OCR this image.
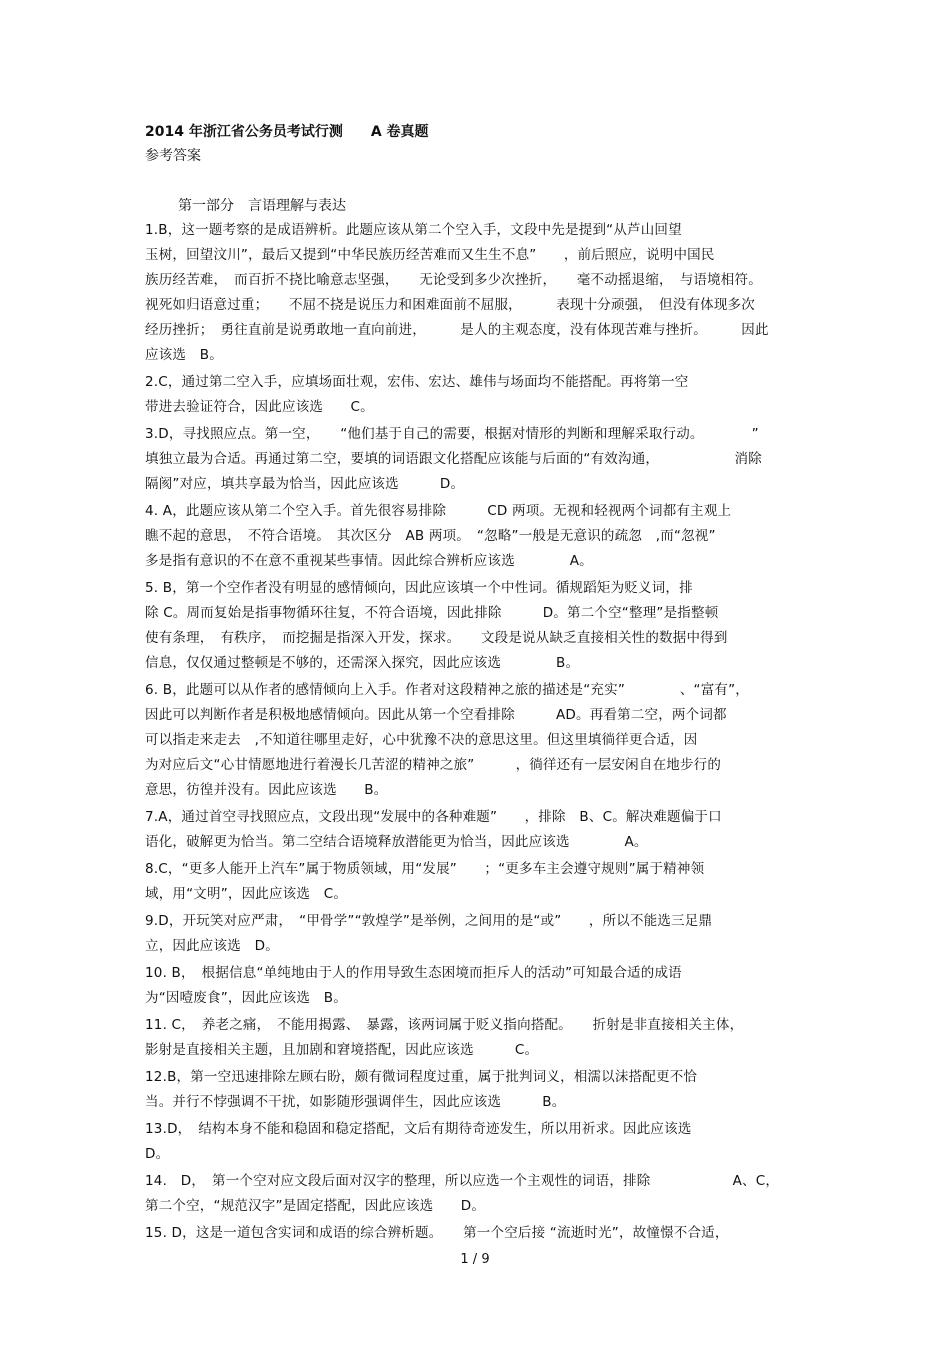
2014 年浙江省公务员考试行测　　A 卷真题
参考答案
第一部分　言语理解与表达
1.B，这一题考察的是成语辨析。此题应该从第二个空入手，文段中先是提到“从芦山回望
玉树，回望汶川”，最后又提到“中华民族历经苦难而又生生不息”　　，前后照应，说明中国民
族历经苦难，　而百折不挠比喻意志坚强，　　无论受到多少次挫折，　　毫不动摇退缩，　与语境相符。
视死如归语意过重；　　不屈不挠是说压力和困难面前不屈服，　　　表现十分顽强，　但没有体现多次
经历挫折；　勇往直前是说勇敢地一直向前进，　　　是人的主观态度，没有体现苦难与挫折。　　　因此
应该选　B。
2.C，通过第二空入手，应填场面壮观，宏伟、宏达、雄伟与场面均不能搭配。再将第一空
带进去验证符合，因此应该选　　C。
3.D，寻找照应点。第一空，　　“他们基于自己的需要，根据对情形的判断和理解采取行动。　　　　”
填独立最为合适。再通过第二空，要填的词语跟文化搭配应该能与后面的“有效沟通，　　　　　　消除
隔阂”对应，填共享最为恰当，因此应该选　　　D。
4. A，此题应该从第二个空入手。首先很容易排除　　　CD 两项。无视和轻视两个词都有主观上
瞧不起的意思，　不符合语境。　其次区分　AB 两项。　“忽略”一般是无意识的疏忽　,而“忽视”
多是指有意识的不在意不重视某些事情。因此综合辨析应该选　　　　A。
5. B，第一个空作者没有明显的感情倾向，因此应该填一个中性词。循规蹈矩为贬义词，排
除 C。周而复始是指事物循环往复，不符合语境，因此排除　　　D。第二个空“整理”是指整顿
使有条理，　有秩序，　而挖掘是指深入开发，探求。　　文段是说从缺乏直接相关性的数据中得到
信息，仅仅通过整顿是不够的，还需深入探究，因此应该选　　　　B。
6. B，此题可以从作者的感情倾向上入手。作者对这段精神之旅的描述是“充实”　　　　、“富有”，
因此可以判断作者是积极地感情倾向。因此从第一个空看排除　　　AD。再看第二空，两个词都
可以指走来走去　,不知道往哪里走好，心中犹豫不决的意思这里。但这里填徜徉更合适，因
为对应后文“心甘情愿地进行着漫长几苦涩的精神之旅”　　　，徜徉还有一层安闲自在地步行的
意思，彷徨并没有。因此应该选　　B。
7.A，通过首空寻找照应点，文段出现“发展中的各种难题”　　，排除　B、C。解决难题偏于口
语化，破解更为恰当。第二空结合语境释放潜能更为恰当，因此应该选　　　　A。
8.C，“更多人能开上汽车”属于物质领域，用“发展”　　；“更多车主会遵守规则”属于精神领
域，用“文明”，因此应该选　C。
9.D，开玩笑对应严肃，　“甲骨学”“敦煌学”是举例，之间用的是“或”　　，所以不能选三足鼎
立，因此应该选　D。
10. B，　根据信息“单纯地由于人的作用导致生态困境而拒斥人的活动”可知最合适的成语
为“因噎废食”，因此应该选　B。
11. C，　养老之痛，　不能用揭露、　暴露，该两词属于贬义指向搭配。　　折射是非直接相关主体，
影射是直接相关主题，且加剧和窘境搭配，因此应该选　　　C。
12.B，第一空迅速排除左顾右盼，颇有微词程度过重，属于批判词义，相濡以沫搭配更不恰
当。并行不悖强调不干扰，如影随形强调伴生，因此应该选　　　B。
13.D，　结构本身不能和稳固和稳定搭配，文后有期待奇迹发生，所以用祈求。因此应该选
D。
14.　D，　第一个空对应文段后面对汉字的整理，所以应选一个主观性的词语，排除　　　　　　A、C，
第二个空，“规范汉字”是固定搭配，因此应该选　　D。
15. D，这是一道包含实词和成语的综合辨析题。　　第一个空后接 “流逝时光”，故憧憬不合适，
1 / 9
